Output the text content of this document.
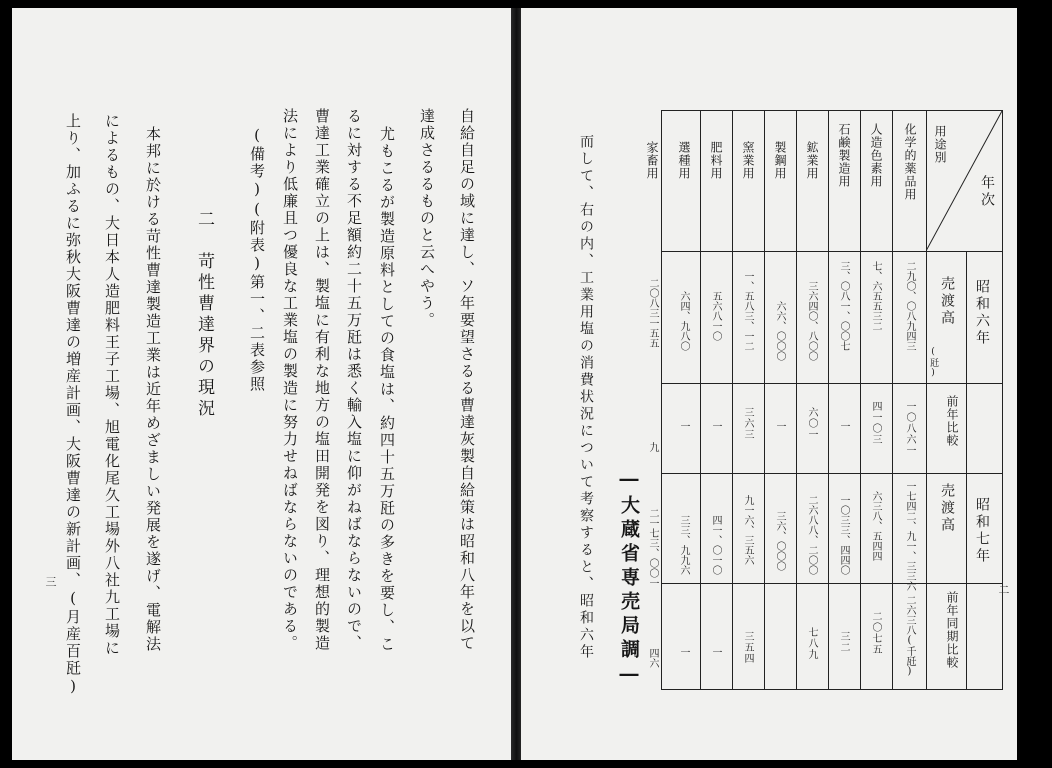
自給自足の域に達し、ソ年要望さるる曹達灰製自給策は昭和八年を以て
達成さるるものと云へやう。
尤もこるが製造原料としての食塩は、約四十五万瓩の多きを要し、こ
るに対する不足額約二十五万瓩は悉く輸入塩に仰がねばならないので、
曹達工業確立の上は、製塩に有利な地方の塩田開発を図り、理想的製造
法により低廉且つ優良な工業塩の製造に努力せねばならないのである。
(備考)(附表)第一、二表参照
二　苛性曹達界の現況
本邦に於ける苛性曹達製造工業は近年めざましい発展を遂げ、電解法
によるもの、大日本人造肥料王子工場、旭電化尾久工場外八社九工場に
上り、加ふるに弥秋大阪曹達の増産計画、大阪曹達の新計画、(月産百瓩)
三
年次
用途別
昭和六年
売渡高
(瓩)
前年比較
昭和七年
売渡高
前年同期比較
化学的薬品用
二九〇、〇八九四三
一〇八六一
一七四二、九一、三三六
二六三八(千瓩)
人造色素用
七、六五五三二
四一〇三
六三八、五四四
二〇七五
石鹸製造用
三、〇八一、〇〇七
一
一〇三三、四四〇
三二
鉱業用
三六四〇、八〇〇
六〇一
二六八八、二〇〇
七八九
製鋼用
六六、〇〇〇
一
三六、〇〇〇
窯業用
一、五八三、一二
三六三
九一六、三五六
三五四
肥料用
五六八一〇
一
四一、〇一〇
一
選種用
六四、九八〇
一
三三、九九六
一
家畜用
二〇八三一五五
九
二一七三、〇〇一
四六
―大蔵省専売局調―
而して、右の内、工業用塩の消費状況について考察すると、昭和六年	二
